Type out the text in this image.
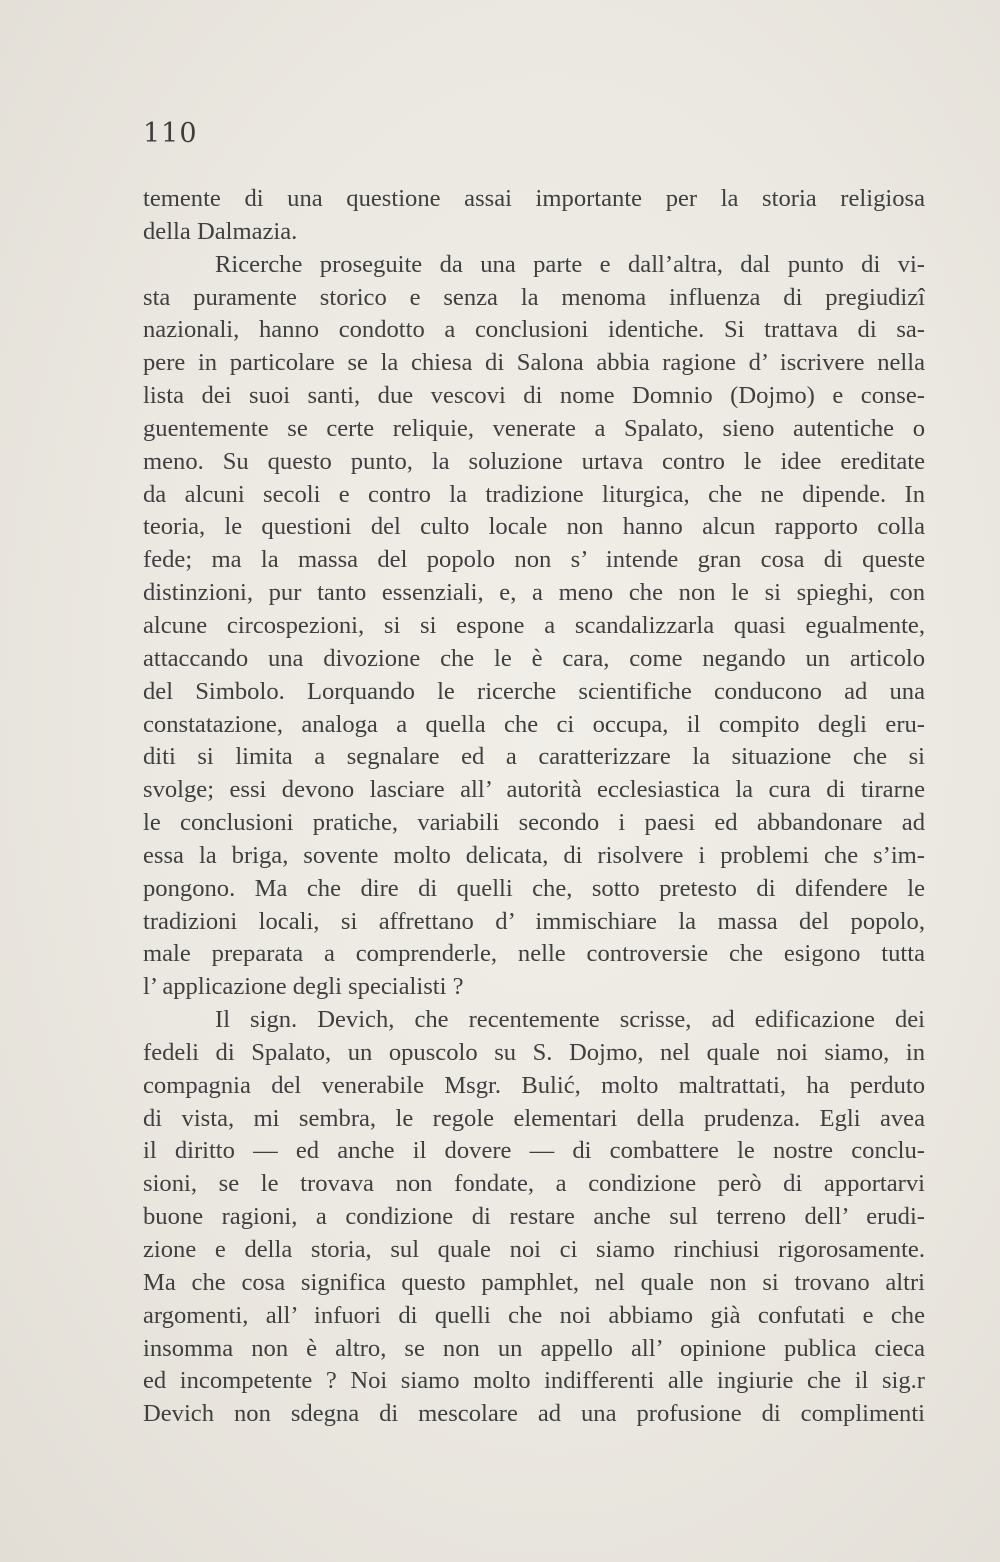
110
temente di una questione assai importante per la storia religiosa
della Dalmazia.
Ricerche proseguite da una parte e dall’altra, dal punto di vi-
sta puramente storico e senza la menoma influenza di pregiudizî
nazionali, hanno condotto a conclusioni identiche. Si trattava di sa-
pere in particolare se la chiesa di Salona abbia ragione d’ iscrivere nella
lista dei suoi santi, due vescovi di nome Domnio (Dojmo) e conse-
guentemente se certe reliquie, venerate a Spalato, sieno autentiche o
meno. Su questo punto, la soluzione urtava contro le idee ereditate
da alcuni secoli e contro la tradizione liturgica, che ne dipende. In
teoria, le questioni del culto locale non hanno alcun rapporto colla
fede; ma la massa del popolo non s’ intende gran cosa di queste
distinzioni, pur tanto essenziali, e, a meno che non le si spieghi, con
alcune circospezioni, si si espone a scandalizzarla quasi egualmente,
attaccando una divozione che le è cara, come negando un articolo
del Simbolo. Lorquando le ricerche scientifiche conducono ad una
constatazione, analoga a quella che ci occupa, il compito degli eru-
diti si limita a segnalare ed a caratterizzare la situazione che si
svolge; essi devono lasciare all’ autorità ecclesiastica la cura di tirarne
le conclusioni pratiche, variabili secondo i paesi ed abbandonare ad
essa la briga, sovente molto delicata, di risolvere i problemi che s’im-
pongono. Ma che dire di quelli che, sotto pretesto di difendere le
tradizioni locali, si affrettano d’ immischiare la massa del popolo,
male preparata a comprenderle, nelle controversie che esigono tutta
l’ applicazione degli specialisti ?
Il sign. Devich, che recentemente scrisse, ad edificazione dei
fedeli di Spalato, un opuscolo su S. Dojmo, nel quale noi siamo, in
compagnia del venerabile Msgr. Bulić, molto maltrattati, ha perduto
di vista, mi sembra, le regole elementari della prudenza. Egli avea
il diritto — ed anche il dovere — di combattere le nostre conclu-
sioni, se le trovava non fondate, a condizione però di apportarvi
buone ragioni, a condizione di restare anche sul terreno dell’ erudi-
zione e della storia, sul quale noi ci siamo rinchiusi rigorosamente.
Ma che cosa significa questo pamphlet, nel quale non si trovano altri
argomenti, all’ infuori di quelli che noi abbiamo già confutati e che
insomma non è altro, se non un appello all’ opinione publica cieca
ed incompetente ? Noi siamo molto indifferenti alle ingiurie che il sig.r
Devich non sdegna di mescolare ad una profusione di complimenti
